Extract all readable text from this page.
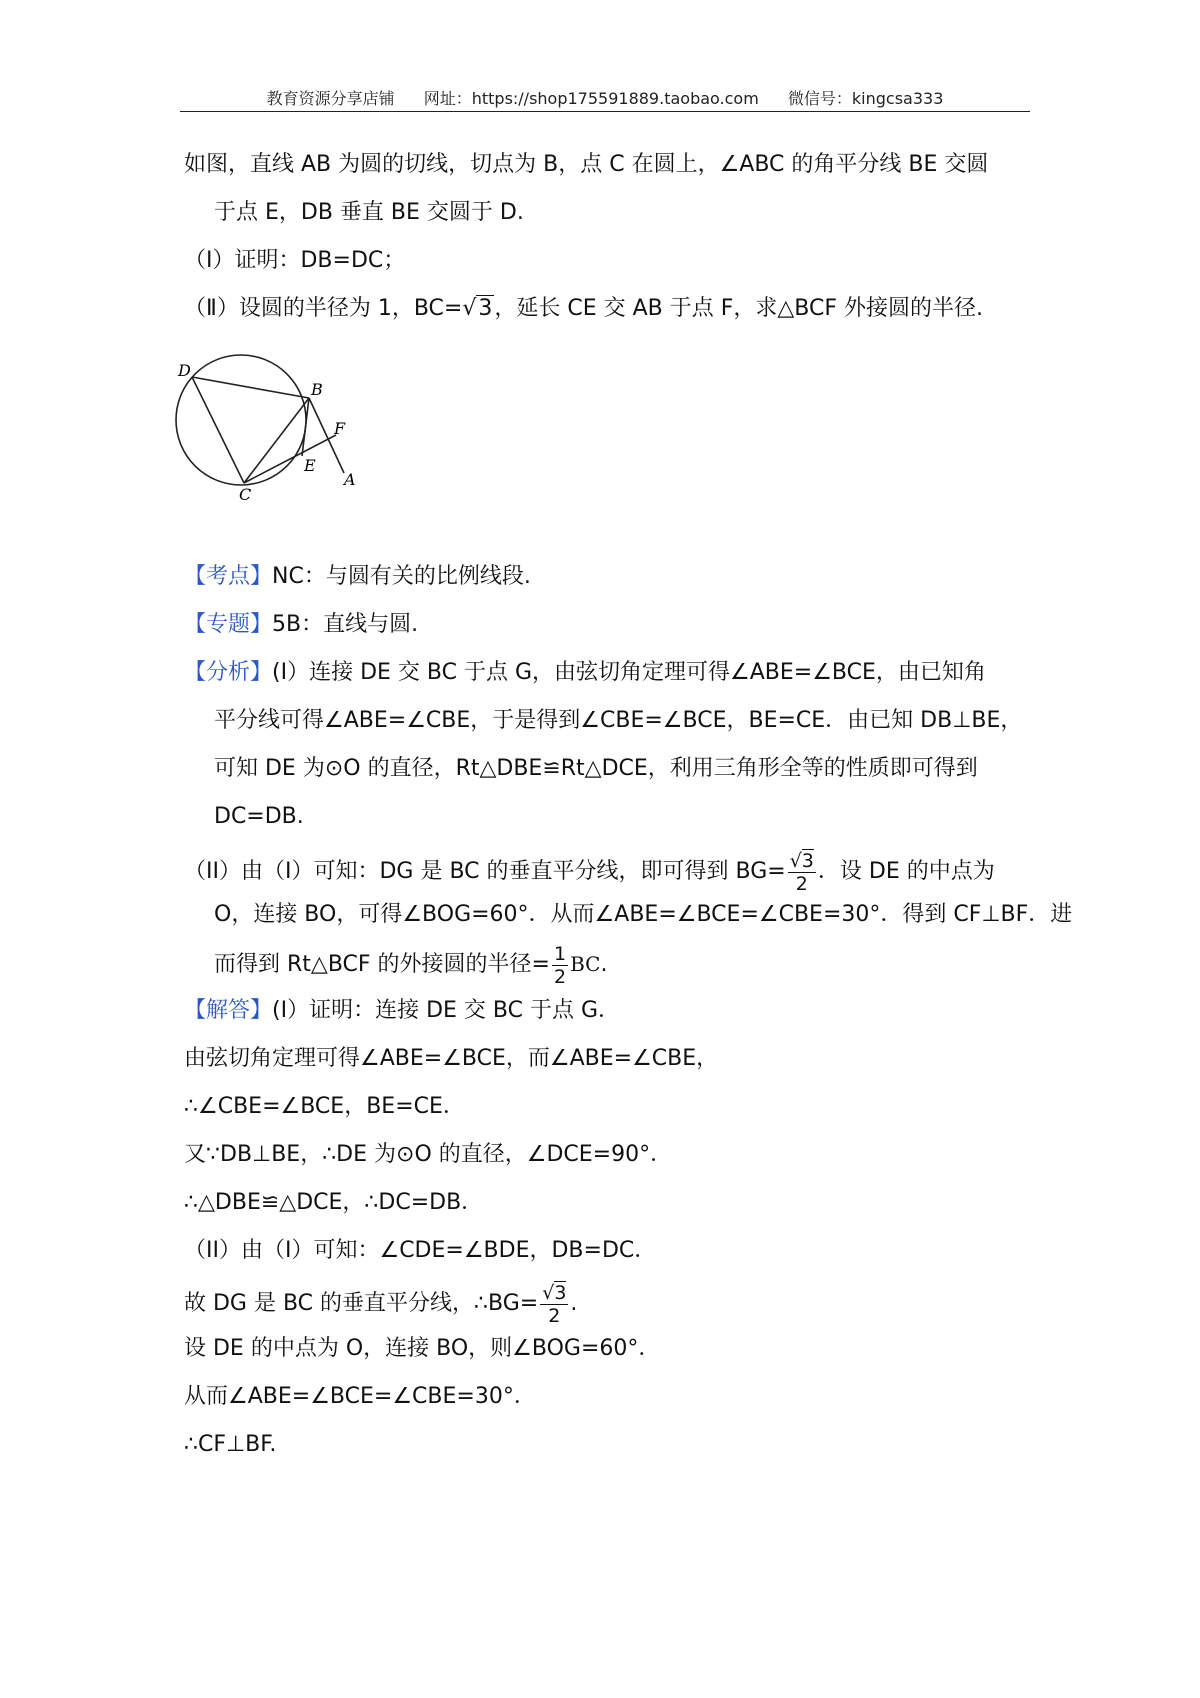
教育资源分享店铺 网址：https://shop175591889.taobao.com 微信号：kingcsa333
如图，直线 AB 为圆的切线，切点为 B，点 C 在圆上，∠ABC 的角平分线 BE 交圆
于点 E，DB 垂直 BE 交圆于 D.
（Ⅰ）证明：DB=DC；
（Ⅱ）设圆的半径为 1，BC=√3，延长 CE 交 AB 于点 F，求△BCF 外接圆的半径.
D
B
F
E
A
C
【考点】NC：与圆有关的比例线段.
【专题】5B：直线与圆.
【分析】(I）连接 DE 交 BC 于点 G，由弦切角定理可得∠ABE=∠BCE，由已知角
平分线可得∠ABE=∠CBE，于是得到∠CBE=∠BCE，BE=CE．由已知 DB⊥BE，
可知 DE 为⊙O 的直径，Rt△DBE≌Rt△DCE，利用三角形全等的性质即可得到
DC=DB.
（II）由（I）可知：DG 是 BC 的垂直平分线，即可得到 $BG= \frac{√3}{2}$ ．设 DE 的中点为
O，连接 BO，可得∠BOG=60°．从而∠ABE=∠BCE=∠CBE=30°．得到 CF⊥BF．进
而得到 Rt△BCF 的外接圆的半径= $\frac{1}{2}$ BC.
【解答】(I）证明：连接 DE 交 BC 于点 G．
由弦切角定理可得∠ABE=∠BCE，而∠ABE=∠CBE，
∴∠CBE=∠BCE，BE=CE．
又∵DB⊥BE，∴DE 为⊙O 的直径，∠DCE=90°．
∴△DBE≌△DCE，∴DC=DB．
（II）由（I）可知：∠CDE=∠BDE，DB=DC．
故 DG 是 BC 的垂直平分线，∴BG= $\frac{√3}{2}$ .
设 DE 的中点为 O，连接 BO，则∠BOG=60°．
从而∠ABE=∠BCE=∠CBE=30°．
∴CF⊥BF.
